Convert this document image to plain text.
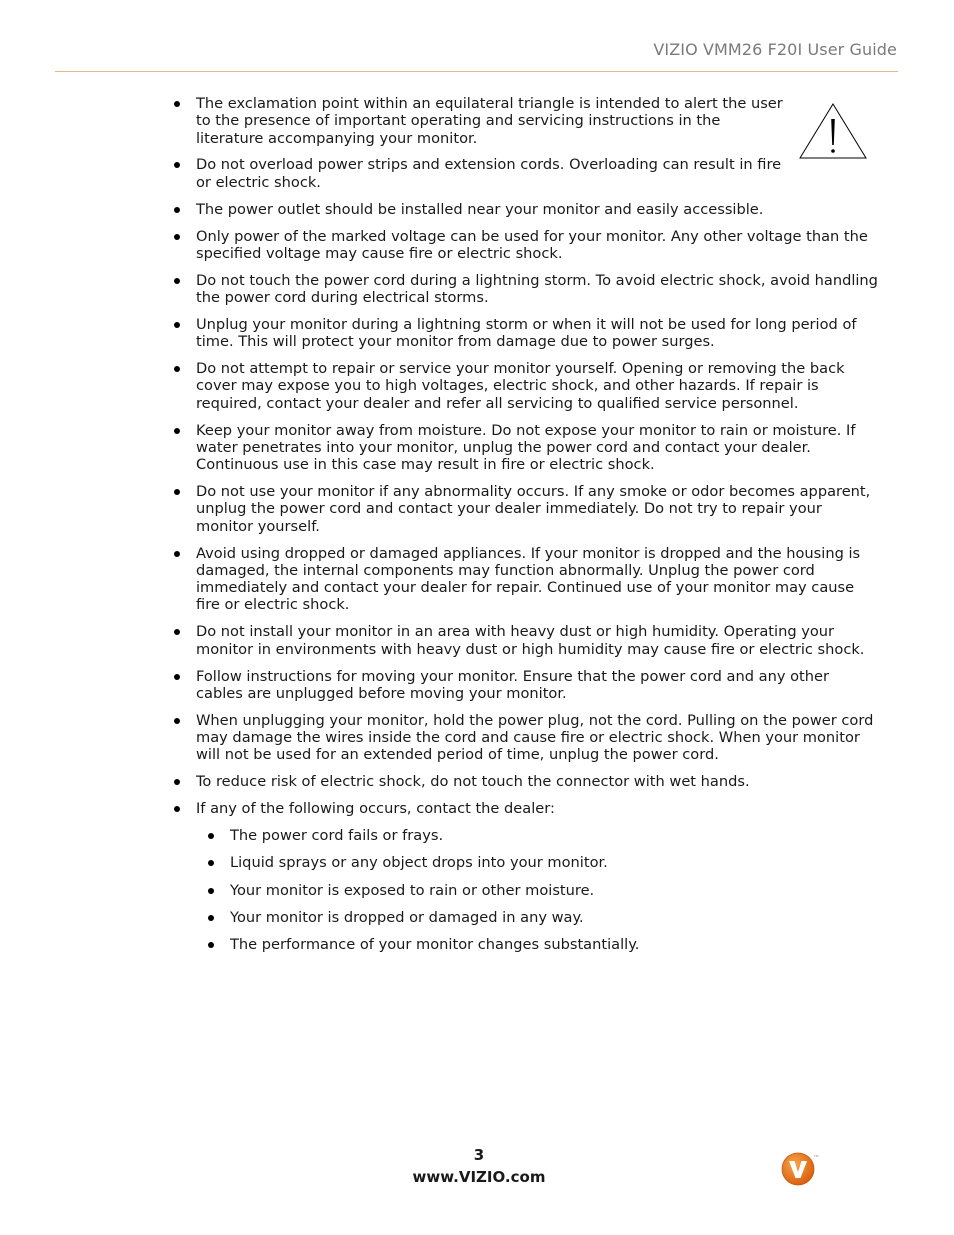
VIZIO VMM26 F20I User Guide
The exclamation point within an equilateral triangle is intended to alert the user to the presence of important operating and servicing instructions in the literature accompanying your monitor.
Do not overload power strips and extension cords. Overloading can result in fire or electric shock.
The power outlet should be installed near your monitor and easily accessible.
Only power of the marked voltage can be used for your monitor. Any other voltage than the specified voltage may cause fire or electric shock.
Do not touch the power cord during a lightning storm. To avoid electric shock, avoid handling the power cord during electrical storms.
Unplug your monitor during a lightning storm or when it will not be used for long period of time. This will protect your monitor from damage due to power surges.
Do not attempt to repair or service your monitor yourself. Opening or removing the back cover may expose you to high voltages, electric shock, and other hazards. If repair is required, contact your dealer and refer all servicing to qualified service personnel.
Keep your monitor away from moisture. Do not expose your monitor to rain or moisture. If water penetrates into your monitor, unplug the power cord and contact your dealer. Continuous use in this case may result in fire or electric shock.
Do not use your monitor if any abnormality occurs. If any smoke or odor becomes apparent, unplug the power cord and contact your dealer immediately. Do not try to repair your monitor yourself.
Avoid using dropped or damaged appliances. If your monitor is dropped and the housing is damaged, the internal components may function abnormally. Unplug the power cord immediately and contact your dealer for repair. Continued use of your monitor may cause fire or electric shock.
Do not install your monitor in an area with heavy dust or high humidity. Operating your monitor in environments with heavy dust or high humidity may cause fire or electric shock.
Follow instructions for moving your monitor. Ensure that the power cord and any other cables are unplugged before moving your monitor.
When unplugging your monitor, hold the power plug, not the cord. Pulling on the power cord may damage the wires inside the cord and cause fire or electric shock. When your monitor will not be used for an extended period of time, unplug the power cord.
To reduce risk of electric shock, do not touch the connector with wet hands.
If any of the following occurs, contact the dealer:
The power cord fails or frays.
Liquid sprays or any object drops into your monitor.
Your monitor is exposed to rain or other moisture.
Your monitor is dropped or damaged in any way.
The performance of your monitor changes substantially.
3
www.VIZIO.com
TM
